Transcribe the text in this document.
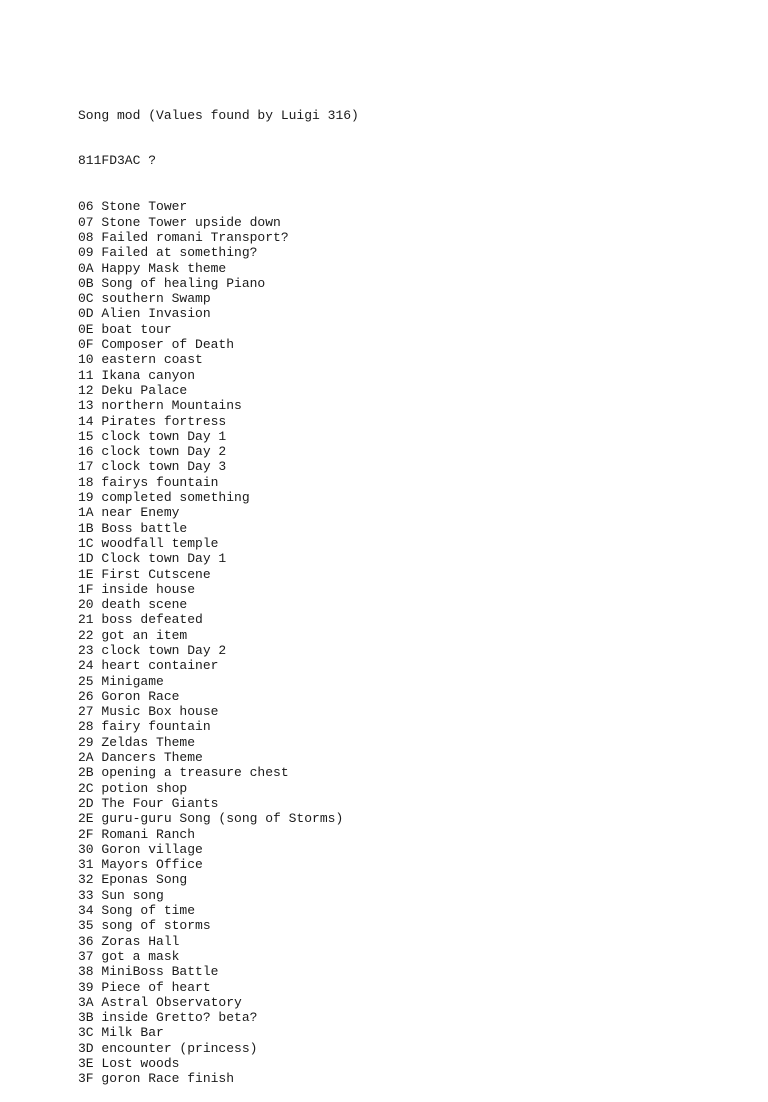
Song mod (Values found by Luigi 316)

811FD3AC ?

06 Stone Tower
07 Stone Tower upside down
08 Failed romani Transport?
09 Failed at something?
0A Happy Mask theme
0B Song of healing Piano
0C southern Swamp
0D Alien Invasion
0E boat tour
0F Composer of Death
10 eastern coast
11 Ikana canyon
12 Deku Palace
13 northern Mountains
14 Pirates fortress
15 clock town Day 1
16 clock town Day 2
17 clock town Day 3
18 fairys fountain
19 completed something
1A near Enemy
1B Boss battle
1C woodfall temple
1D Clock town Day 1
1E First Cutscene
1F inside house
20 death scene
21 boss defeated
22 got an item
23 clock town Day 2
24 heart container
25 Minigame
26 Goron Race
27 Music Box house
28 fairy fountain
29 Zeldas Theme
2A Dancers Theme
2B opening a treasure chest
2C potion shop
2D The Four Giants
2E guru-guru Song (song of Storms)
2F Romani Ranch
30 Goron village
31 Mayors Office
32 Eponas Song
33 Sun song
34 Song of time
35 song of storms
36 Zoras Hall
37 got a mask
38 MiniBoss Battle
39 Piece of heart
3A Astral Observatory
3B inside Gretto? beta?
3C Milk Bar
3D encounter (princess)
3E Lost woods
3F goron Race finish
